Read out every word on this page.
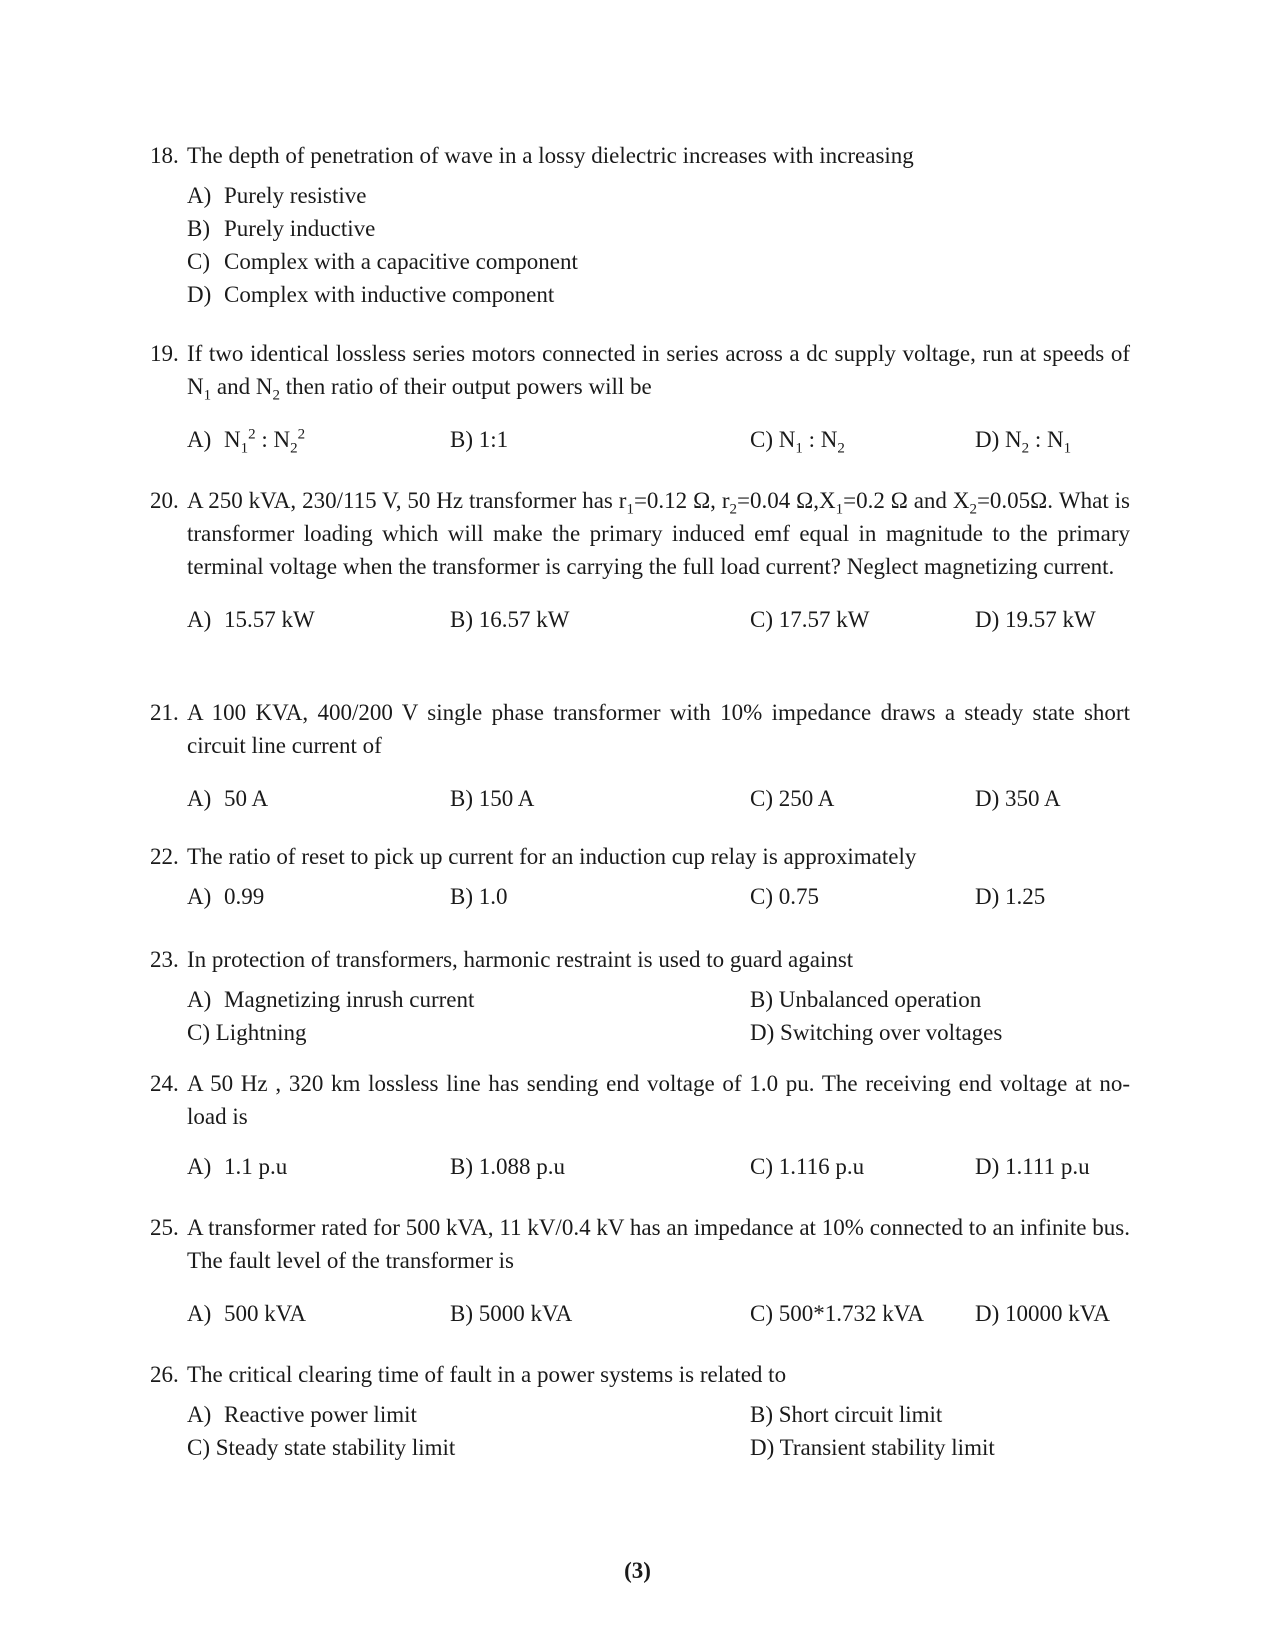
18. The depth of penetration of wave in a lossy dielectric increases with increasing
A) Purely resistive
B) Purely inductive
C) Complex with a capacitive component
D) Complex with inductive component
19. If two identical lossless series motors connected in series across a dc supply voltage, run at speeds of $N_1$ and $N_2$ then ratio of their output powers will be
A) $N_1^2$ : $N_2^2$	B) 1:1	C) $N_1$ : $N_2$	D) $N_2$ : $N_1$
20. A 250 kVA, 230/115 V, 50 Hz transformer has $r_1=0.12$ Ω, $r_2=0.04$ $\Omega,X_1=0.2$ Ω and $X_2=0.05\Omega$. What is transformer loading which will make the primary induced emf equal in magnitude to the primary terminal voltage when the transformer is carrying the full load current? Neglect magnetizing current.
A) 15.57 kW	B) 16.57 kW	C) 17.57 kW	D) 19.57 kW
21. A 100 KVA, 400/200 V single phase transformer with 10% impedance draws a steady state short circuit line current of
A) 50 A	B) 150 A	C) 250 A	D) 350 A
22. The ratio of reset to pick up current for an induction cup relay is approximately
A) 0.99	B) 1.0	C) 0.75	D) 1.25
23. In protection of transformers, harmonic restraint is used to guard against
A) Magnetizing inrush current	B) Unbalanced operation
C) Lightning	D) Switching over voltages
24. A 50 Hz , 320 km lossless line has sending end voltage of 1.0 pu. The receiving end voltage at no-load is
A) 1.1 p.u	B) 1.088 p.u	C) 1.116 p.u	D) 1.111 p.u
25. A transformer rated for 500 kVA, 11 kV/0.4 kV has an impedance at 10% connected to an infinite bus. The fault level of the transformer is
A) 500 kVA	B) 5000 kVA	C) 500*1.732 kVA D) 10000 kVA
26. The critical clearing time of fault in a power systems is related to
A) Reactive power limit	B) Short circuit limit
C) Steady state stability limit	D) Transient stability limit
(3)
